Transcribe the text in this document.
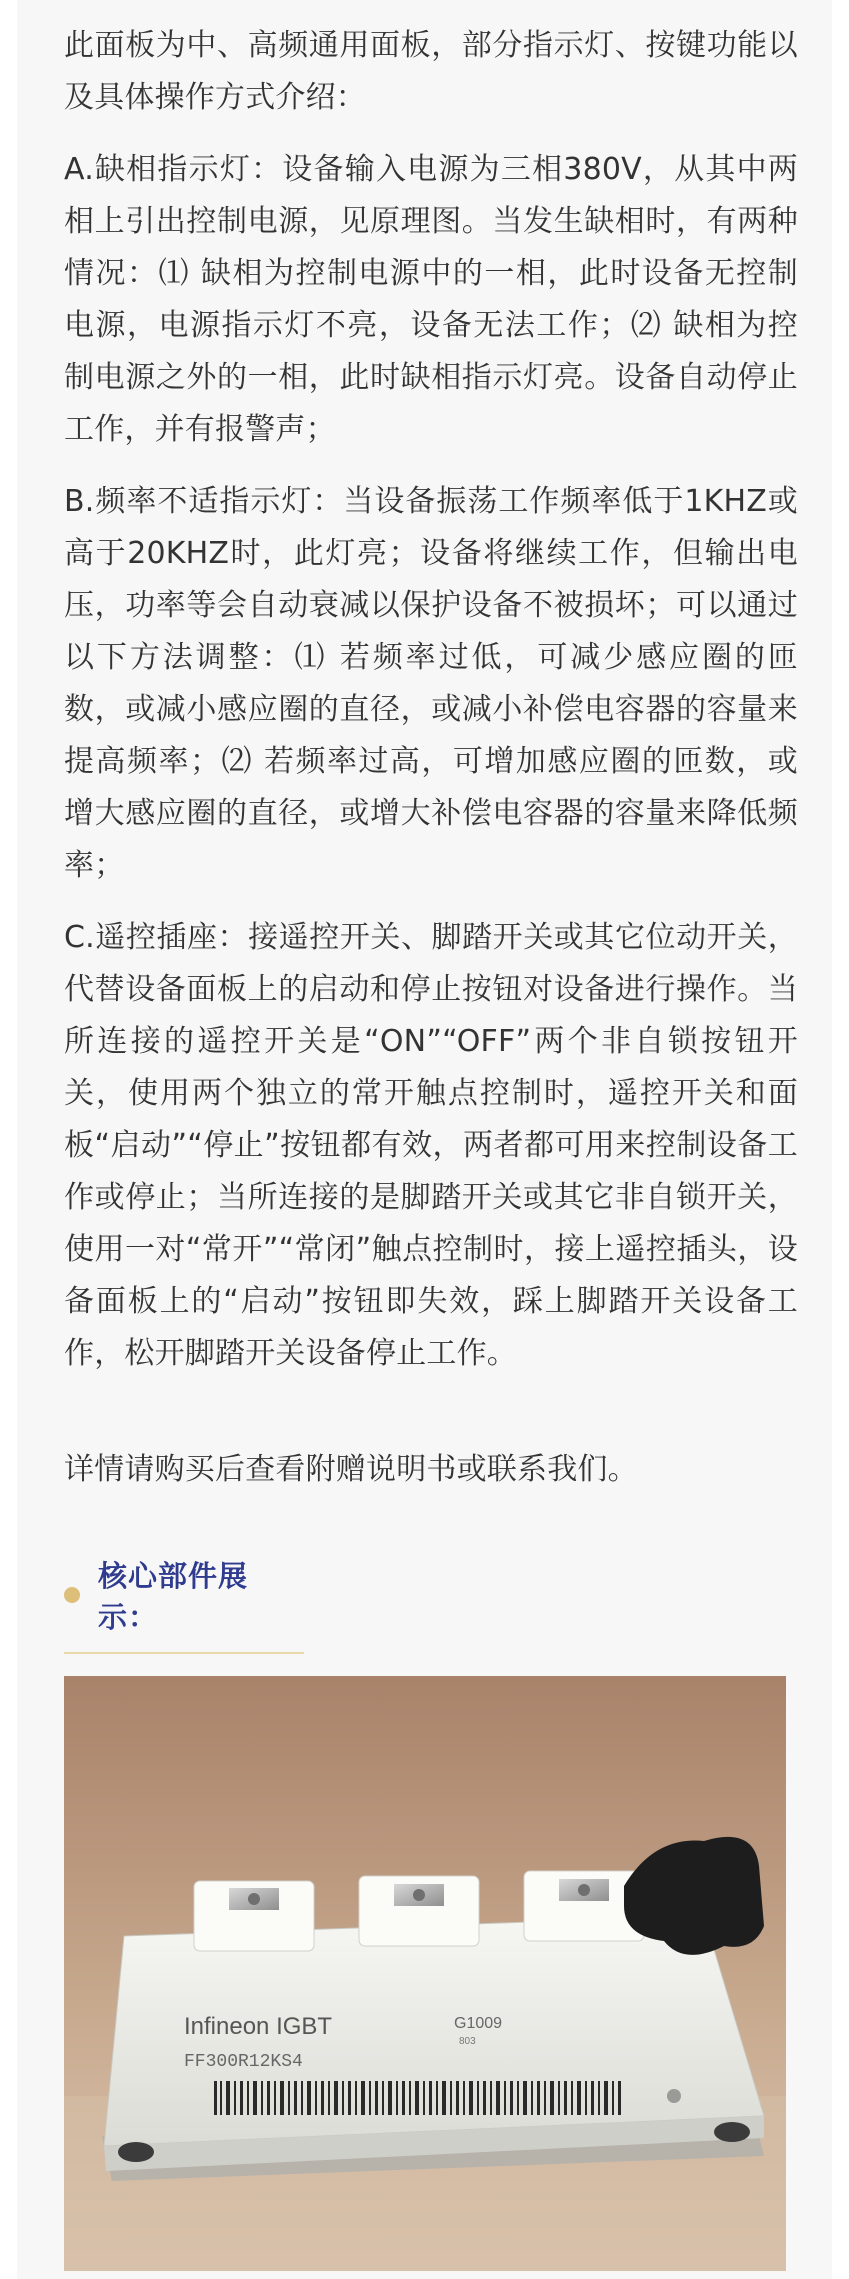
此面板为中、高频通用面板，部分指示灯、按键功能以及具体操作方式介绍：

A.缺相指示灯：设备输入电源为三相380V，从其中两相上引出控制电源，见原理图。当发生缺相时，有两种情况：⑴ 缺相为控制电源中的一相，此时设备无控制电源，电源指示灯不亮，设备无法工作；⑵ 缺相为控制电源之外的一相，此时缺相指示灯亮。设备自动停止工作，并有报警声；

B.频率不适指示灯：当设备振荡工作频率低于1KHZ或高于20KHZ时，此灯亮；设备将继续工作，但输出电压，功率等会自动衰减以保护设备不被损坏；可以通过以下方法调整：⑴ 若频率过低，可减少感应圈的匝数，或减小感应圈的直径，或减小补偿电容器的容量来提高频率；⑵ 若频率过高，可增加感应圈的匝数，或增大感应圈的直径，或增大补偿电容器的容量来降低频率；

C.遥控插座：接遥控开关、脚踏开关或其它位动开关，代替设备面板上的启动和停止按钮对设备进行操作。当所连接的遥控开关是“ON”“OFF”两个非自锁按钮开关，使用两个独立的常开触点控制时，遥控开关和面板“启动”“停止”按钮都有效，两者都可用来控制设备工作或停止；当所连接的是脚踏开关或其它非自锁开关，使用一对“常开”“常闭”触点控制时，接上遥控插头，设备面板上的“启动”按钮即失效，踩上脚踏开关设备工作，松开脚踏开关设备停止工作。

详情请购买后查看附赠说明书或联系我们。

核心部件展示：
Infineon IGBT	G1009
803
FF300R12KS4
